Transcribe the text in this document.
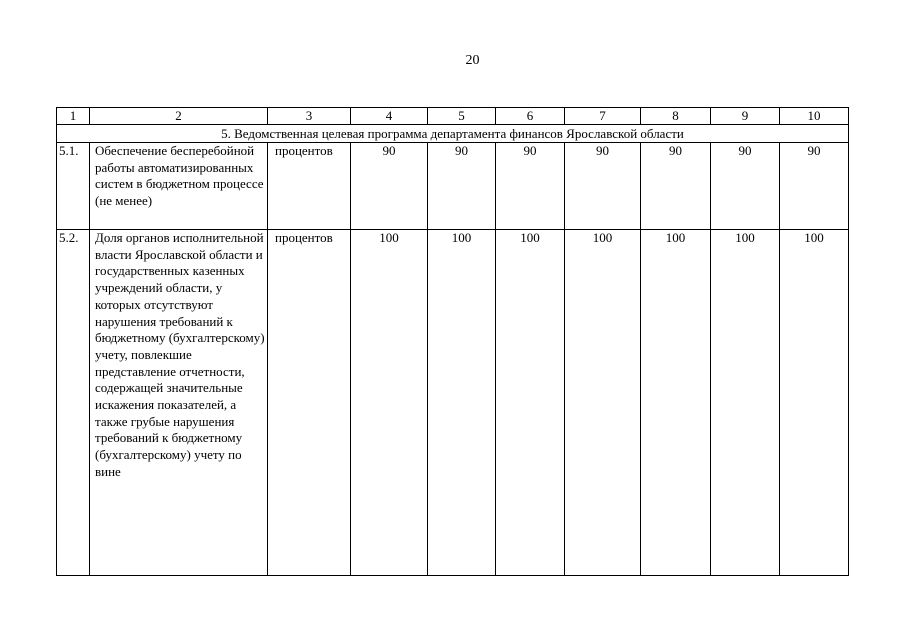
20
1	2	3	4	5	6	7	8	9	10
5. Ведомственная целевая программа департамента финансов Ярославской области									
5.1.	Обеспечение бесперебойной работы автоматизированных систем в бюджетном процессе (не менее)	процентов	90	90	90	90	90	90	90
5.2.	Доля органов исполнительной власти Ярославской области и государственных казенных учреждений области, у которых отсутствуют нарушения требований к бюджетному (бухгалтерскому) учету, повлекшие представление отчетности, содержащей значительные искажения показателей, а также грубые нарушения требований к бюджетному (бухгалтерскому) учету по вине	процентов	100	100	100	100	100	100	100
